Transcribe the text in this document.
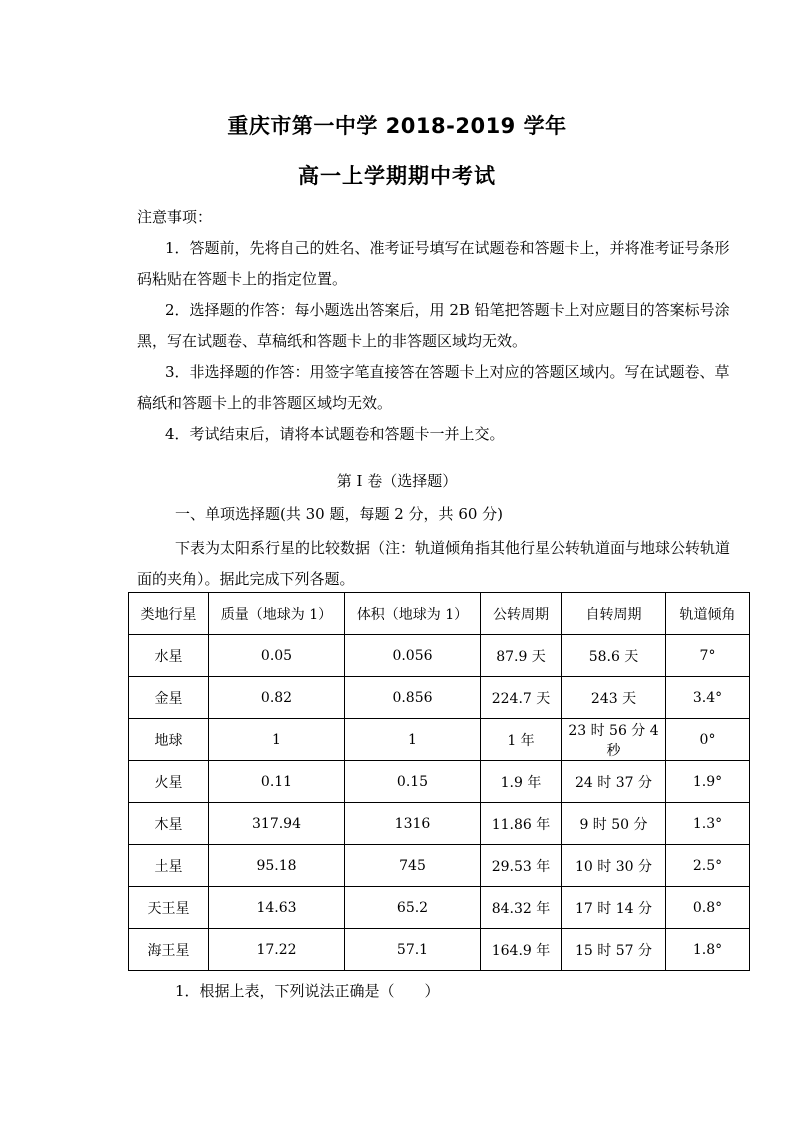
重庆市第一中学 2018-2019 学年
高一上学期期中考试
注意事项：
1．答题前，先将自己的姓名、准考证号填写在试题卷和答题卡上，并将准考证号条形码粘贴在答题卡上的指定位置。
2．选择题的作答：每小题选出答案后，用 2B 铅笔把答题卡上对应题目的答案标号涂黑，写在试题卷、草稿纸和答题卡上的非答题区域均无效。
3．非选择题的作答：用签字笔直接答在答题卡上对应的答题区域内。写在试题卷、草稿纸和答题卡上的非答题区域均无效。
4．考试结束后，请将本试题卷和答题卡一并上交。
第 I 卷（选择题）
一、单项选择题(共 30 题，每题 2 分，共 60 分)
下表为太阳系行星的比较数据（注：轨道倾角指其他行星公转轨道面与地球公转轨道面的夹角）。据此完成下列各题。
类地行星	质量（地球为 1）	体积（地球为 1）	公转周期	自转周期	轨道倾角
水星	0.05	0.056	87.9 天	58.6 天	7°
金星	0.82	0.856	224.7 天	243 天	3.4°
地球	1	1	1 年	23 时 56 分 4 秒	0°
火星	0.11	0.15	1.9 年	24 时 37 分	1.9°
木星	317.94	1316	11.86 年	9 时 50 分	1.3°
土星	95.18	745	29.53 年	10 时 30 分	2.5°
天王星	14.63	65.2	84.32 年	17 时 14 分	0.8°
海王星	17.22	57.1	164.9 年	15 时 57 分	1.8°
1．根据上表，下列说法正确是（　　）
